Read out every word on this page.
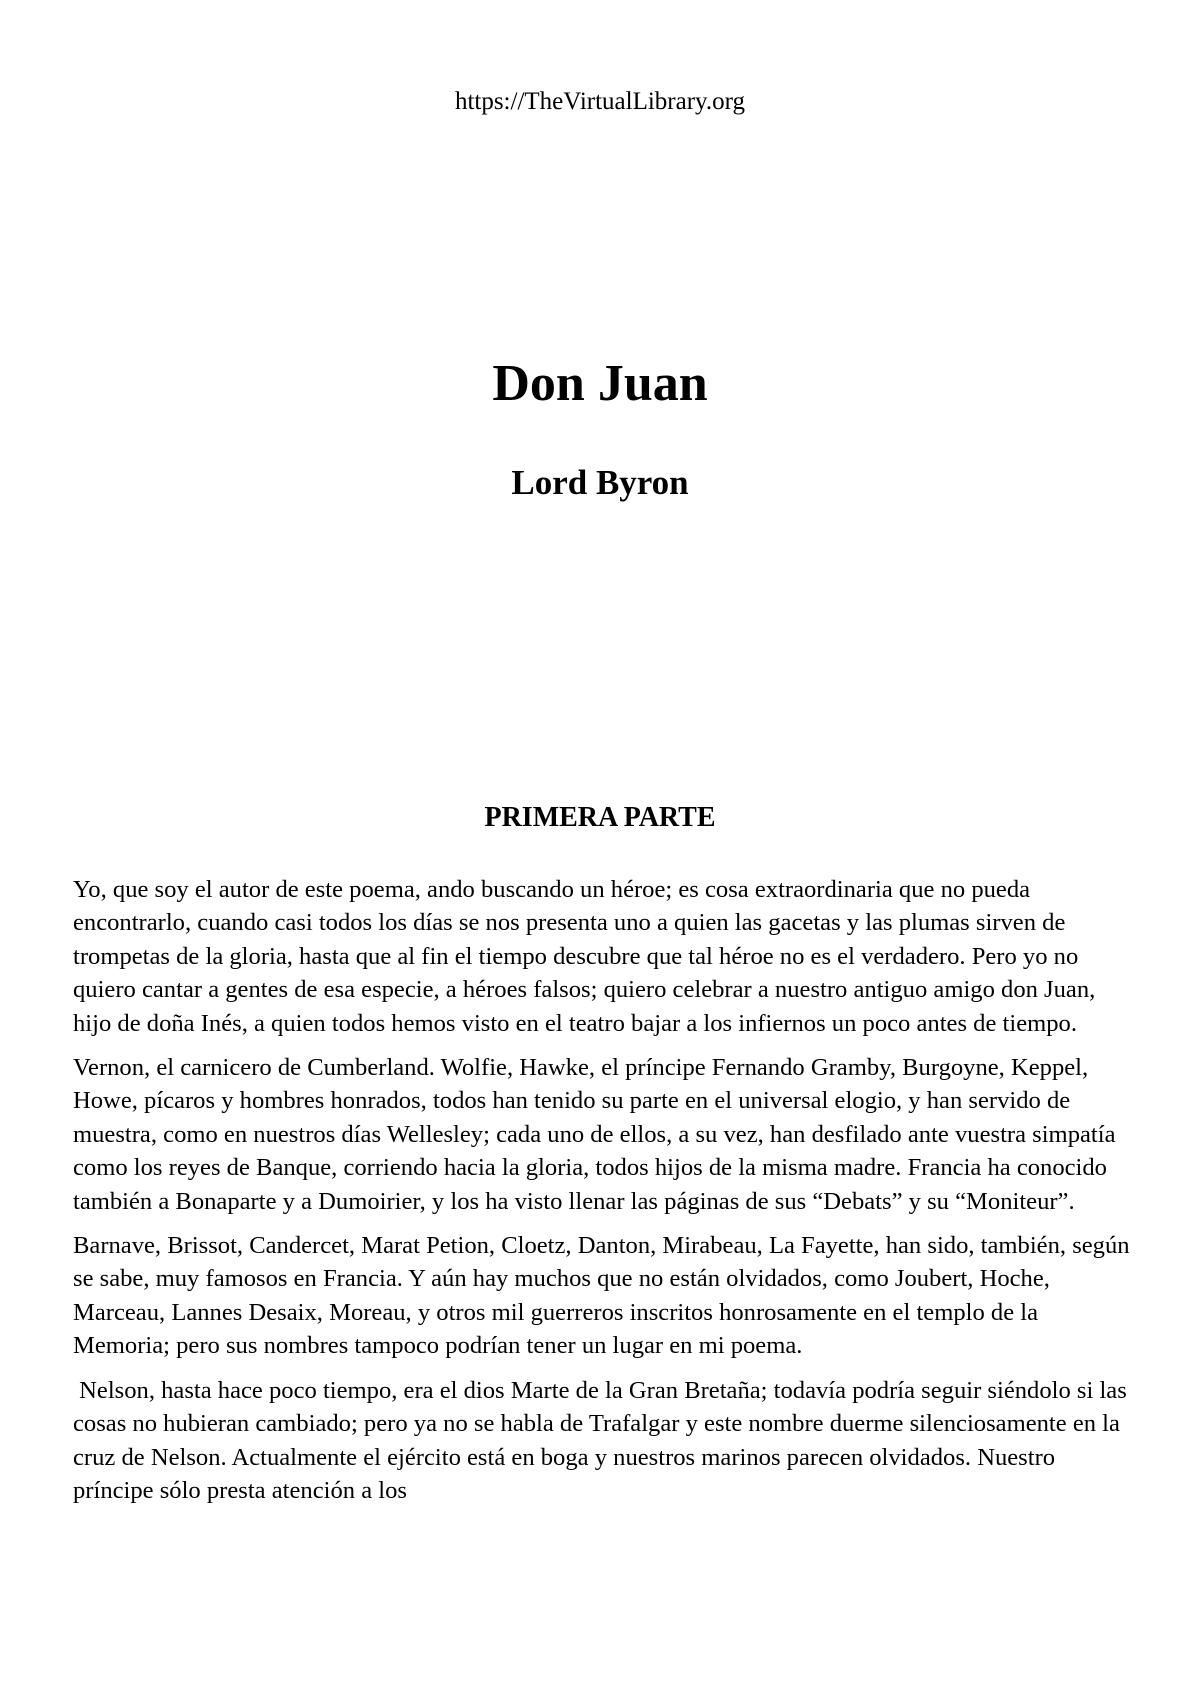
https://TheVirtualLibrary.org
Don Juan
Lord Byron
PRIMERA PARTE

Yo, que soy el autor de este poema, ando buscando un héroe; es cosa extraordinaria que no pueda encontrarlo, cuando casi todos los días se nos presenta uno a quien las gacetas y las plumas sirven de trompetas de la gloria, hasta que al fin el tiempo descubre que tal héroe no es el verdadero. Pero yo no quiero cantar a gentes de esa especie, a héroes falsos; quiero celebrar a nuestro antiguo amigo don Juan, hijo de doña Inés, a quien todos hemos visto en el teatro bajar a los infiernos un poco antes de tiempo.

Vernon, el carnicero de Cumberland. Wolfie, Hawke, el príncipe Fernando Gramby, Burgoyne, Keppel, Howe, pícaros y hombres honrados, todos han tenido su parte en el universal elogio, y han servido de muestra, como en nuestros días Wellesley; cada uno de ellos, a su vez, han desfilado ante vuestra simpatía como los reyes de Banque, corriendo hacia la gloria, todos hijos de la misma madre. Francia ha conocido también a Bonaparte y a Dumoirier, y los ha visto llenar las páginas de sus “Debats” y su “Moniteur”.

Barnave, Brissot, Candercet, Marat Petion, Cloetz, Danton, Mirabeau, La Fayette, han sido, también, según se sabe, muy famosos en Francia. Y aún hay muchos que no están olvidados, como Joubert, Hoche, Marceau, Lannes Desaix, Moreau, y otros mil guerreros inscritos honrosamente en el templo de la Memoria; pero sus nombres tampoco podrían tener un lugar en mi poema.

Nelson, hasta hace poco tiempo, era el dios Marte de la Gran Bretaña; todavía podría seguir siéndolo si las cosas no hubieran cambiado; pero ya no se habla de Trafalgar y este nombre duerme silenciosamente en la cruz de Nelson. Actualmente el ejército está en boga y nuestros marinos parecen olvidados. Nuestro príncipe sólo presta atención a los
